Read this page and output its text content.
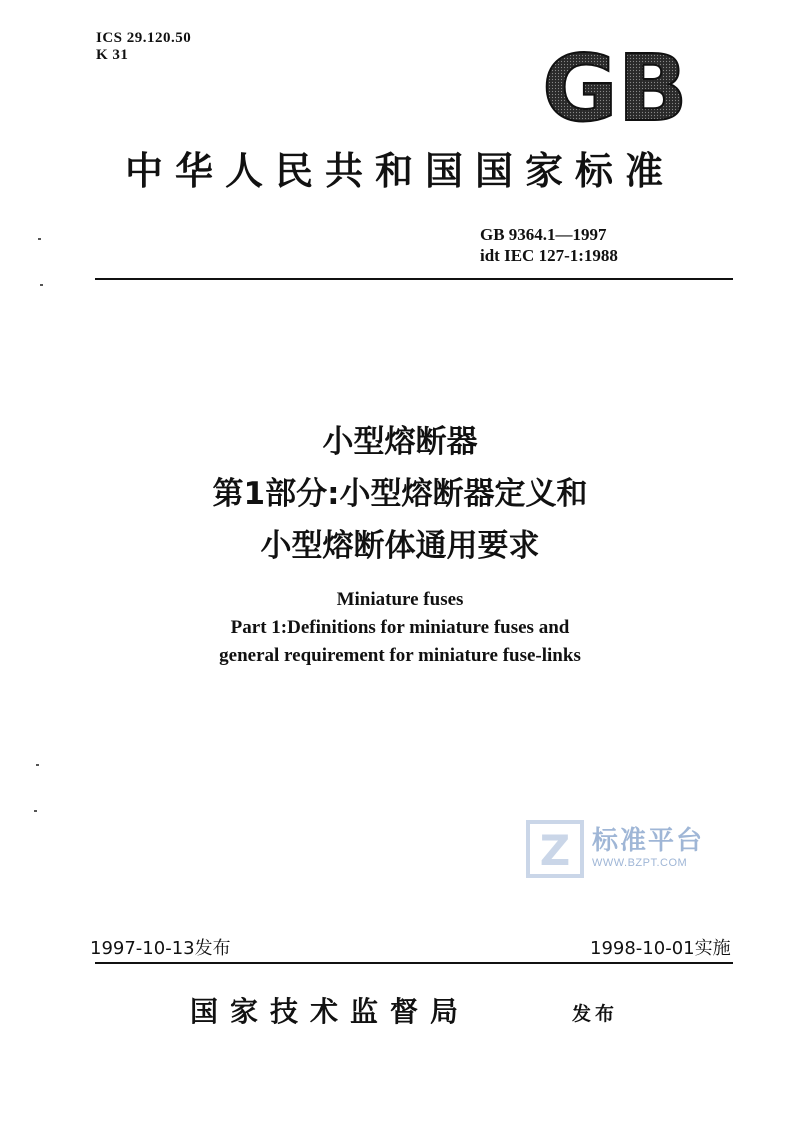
ICS 29.120.50
K 31	GB
中华人民共和国国家标准
GB 9364.1—1997
idt IEC 127-1:1988
小型熔断器
第1部分:小型熔断器定义和
小型熔断体通用要求
Miniature fuses
Part 1:Definitions for miniature fuses and
general requirement for miniature fuse-links
Z 标准平台
WWW.BZPT.COM
1997-10-13发布	1998-10-01实施
国家技术监督局	发布
